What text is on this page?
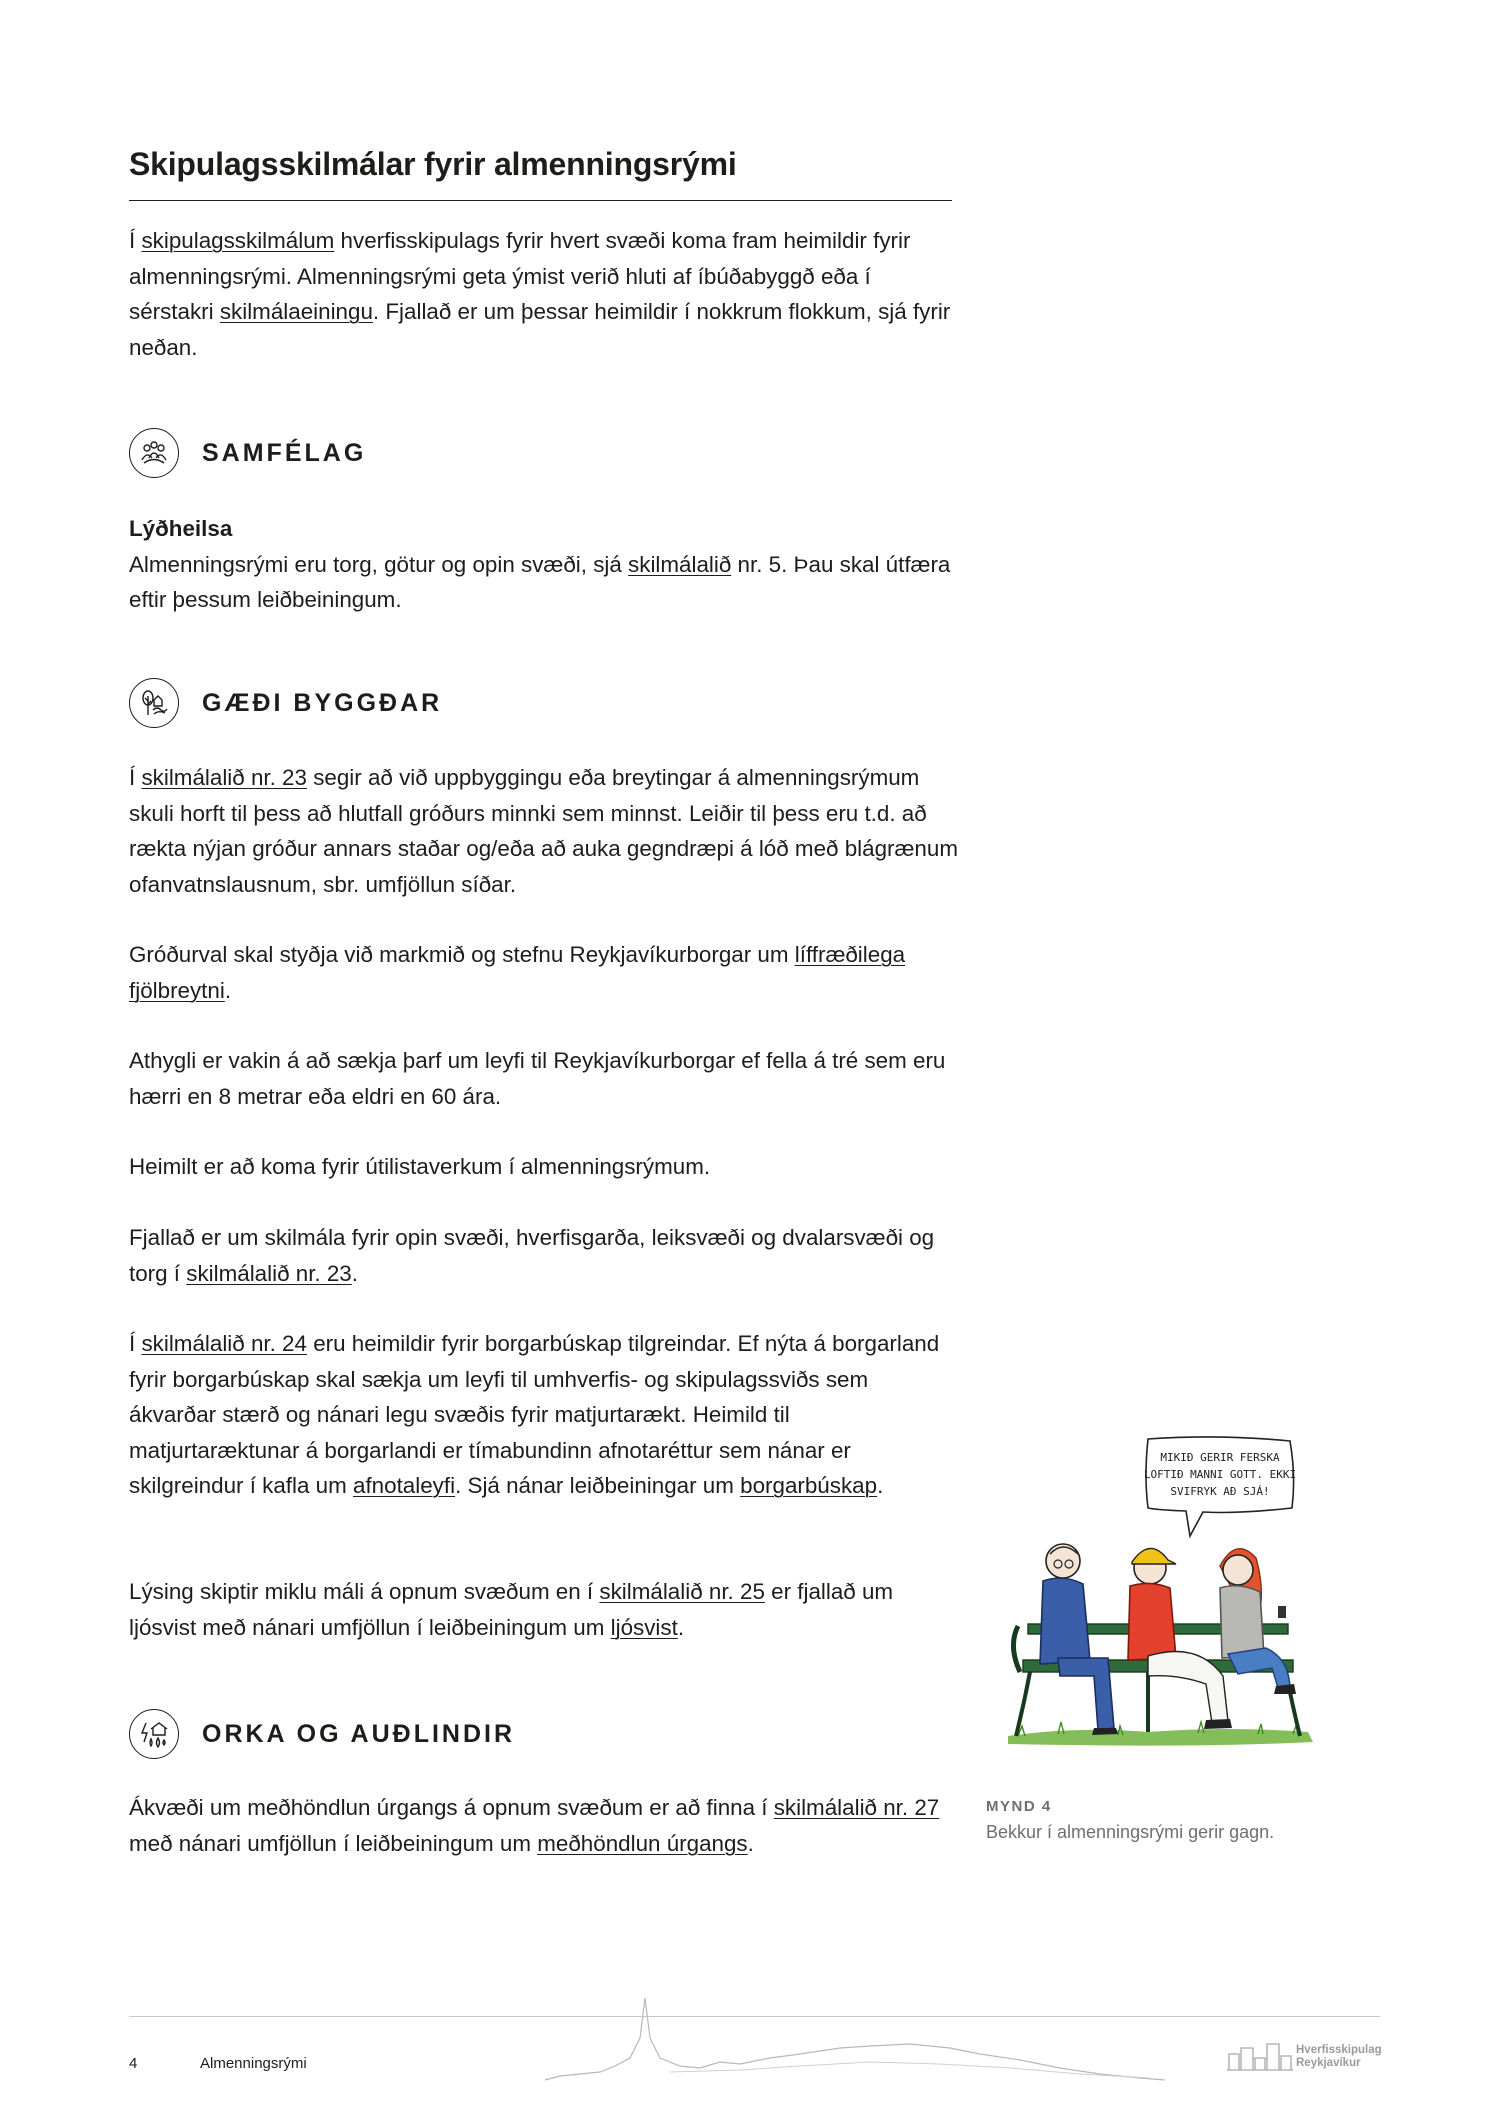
Skipulagsskilmálar fyrir almenningsrými

Í skipulagsskilmálum hverfisskipulags fyrir hvert svæði koma fram heimildir fyrir almenningsrými. Almenningsrými geta ýmist verið hluti af íbúðabyggð eða í sérstakri skilmálaeiningu. Fjallað er um þessar heimildir í nokkrum flokkum, sjá fyrir neðan.

SAMFÉLAG

Lýðheilsa

Almenningsrými eru torg, götur og opin svæði, sjá skilmálalið nr. 5. Þau skal útfæra eftir þessum leiðbeiningum.

GÆÐI BYGGÐAR

Í skilmálalið nr. 23 segir að við uppbyggingu eða breytingar á almenningsrýmum skuli horft til þess að hlutfall gróðurs minnki sem minnst. Leiðir til þess eru t.d. að rækta nýjan gróður annars staðar og/eða að auka gegndræpi á lóð með blágrænum ofanvatnslausnum, sbr. umfjöllun síðar.

Gróðurval skal styðja við markmið og stefnu Reykjavíkurborgar um líffræðilega fjölbreytni.

Athygli er vakin á að sækja þarf um leyfi til Reykjavíkurborgar ef fella á tré sem eru hærri en 8 metrar eða eldri en 60 ára.

Heimilt er að koma fyrir útilistaverkum í almenningsrýmum.

Fjallað er um skilmála fyrir opin svæði, hverfisgarða, leiksvæði og dvalarsvæði og torg í skilmálalið nr. 23.

Í skilmálalið nr. 24 eru heimildir fyrir borgarbúskap tilgreindar. Ef nýta á borgarland fyrir borgarbúskap skal sækja um leyfi til umhverfis- og skipulagssviðs sem ákvarðar stærð og nánari legu svæðis fyrir matjurtarækt. Heimild til matjurtaræktunar á borgarlandi er tímabundinn afnotaréttur sem nánar er skilgreindur í kafla um afnotaleyfi. Sjá nánar leiðbeiningar um borgarbúskap.

Lýsing skiptir miklu máli á opnum svæðum en í skilmálalið nr. 25 er fjallað um ljósvist með nánari umfjöllun í leiðbeiningum um ljósvist.

ORKA OG AUÐLINDIR

Ákvæði um meðhöndlun úrgangs á opnum svæðum er að finna í skilmálalið nr. 27 með nánari umfjöllun í leiðbeiningum um meðhöndlun úrgangs.

MIKIÐ GERIR FERSKA
LOFTIÐ MANNI GOTT. EKKI
SVIFRYK AÐ SJÁ!
MYND 4
Bekkur í almenningsrými gerir gagn.
4	Almenningsrými
Hverfisskipulag
Reykjavíkur
